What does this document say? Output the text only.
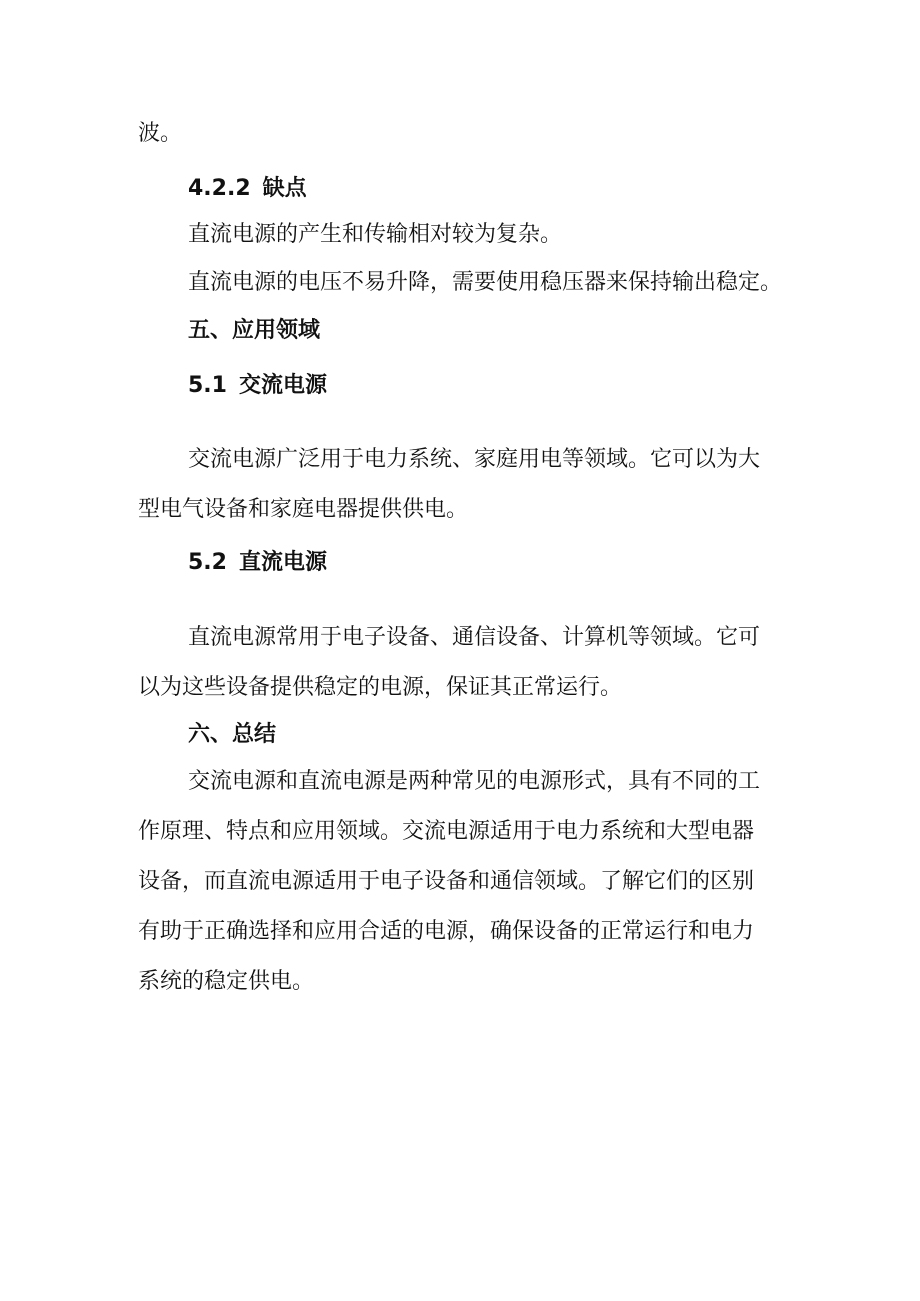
波。
4.2.2 缺点
直流电源的产生和传输相对较为复杂。
直流电源的电压不易升降，需要使用稳压器来保持输出稳定。
五、应用领域
5.1 交流电源
交流电源广泛用于电力系统、家庭用电等领域。它可以为大
型电气设备和家庭电器提供供电。
5.2 直流电源
直流电源常用于电子设备、通信设备、计算机等领域。它可
以为这些设备提供稳定的电源，保证其正常运行。
六、总结
交流电源和直流电源是两种常见的电源形式，具有不同的工
作原理、特点和应用领域。交流电源适用于电力系统和大型电器
设备，而直流电源适用于电子设备和通信领域。了解它们的区别
有助于正确选择和应用合适的电源，确保设备的正常运行和电力
系统的稳定供电。
